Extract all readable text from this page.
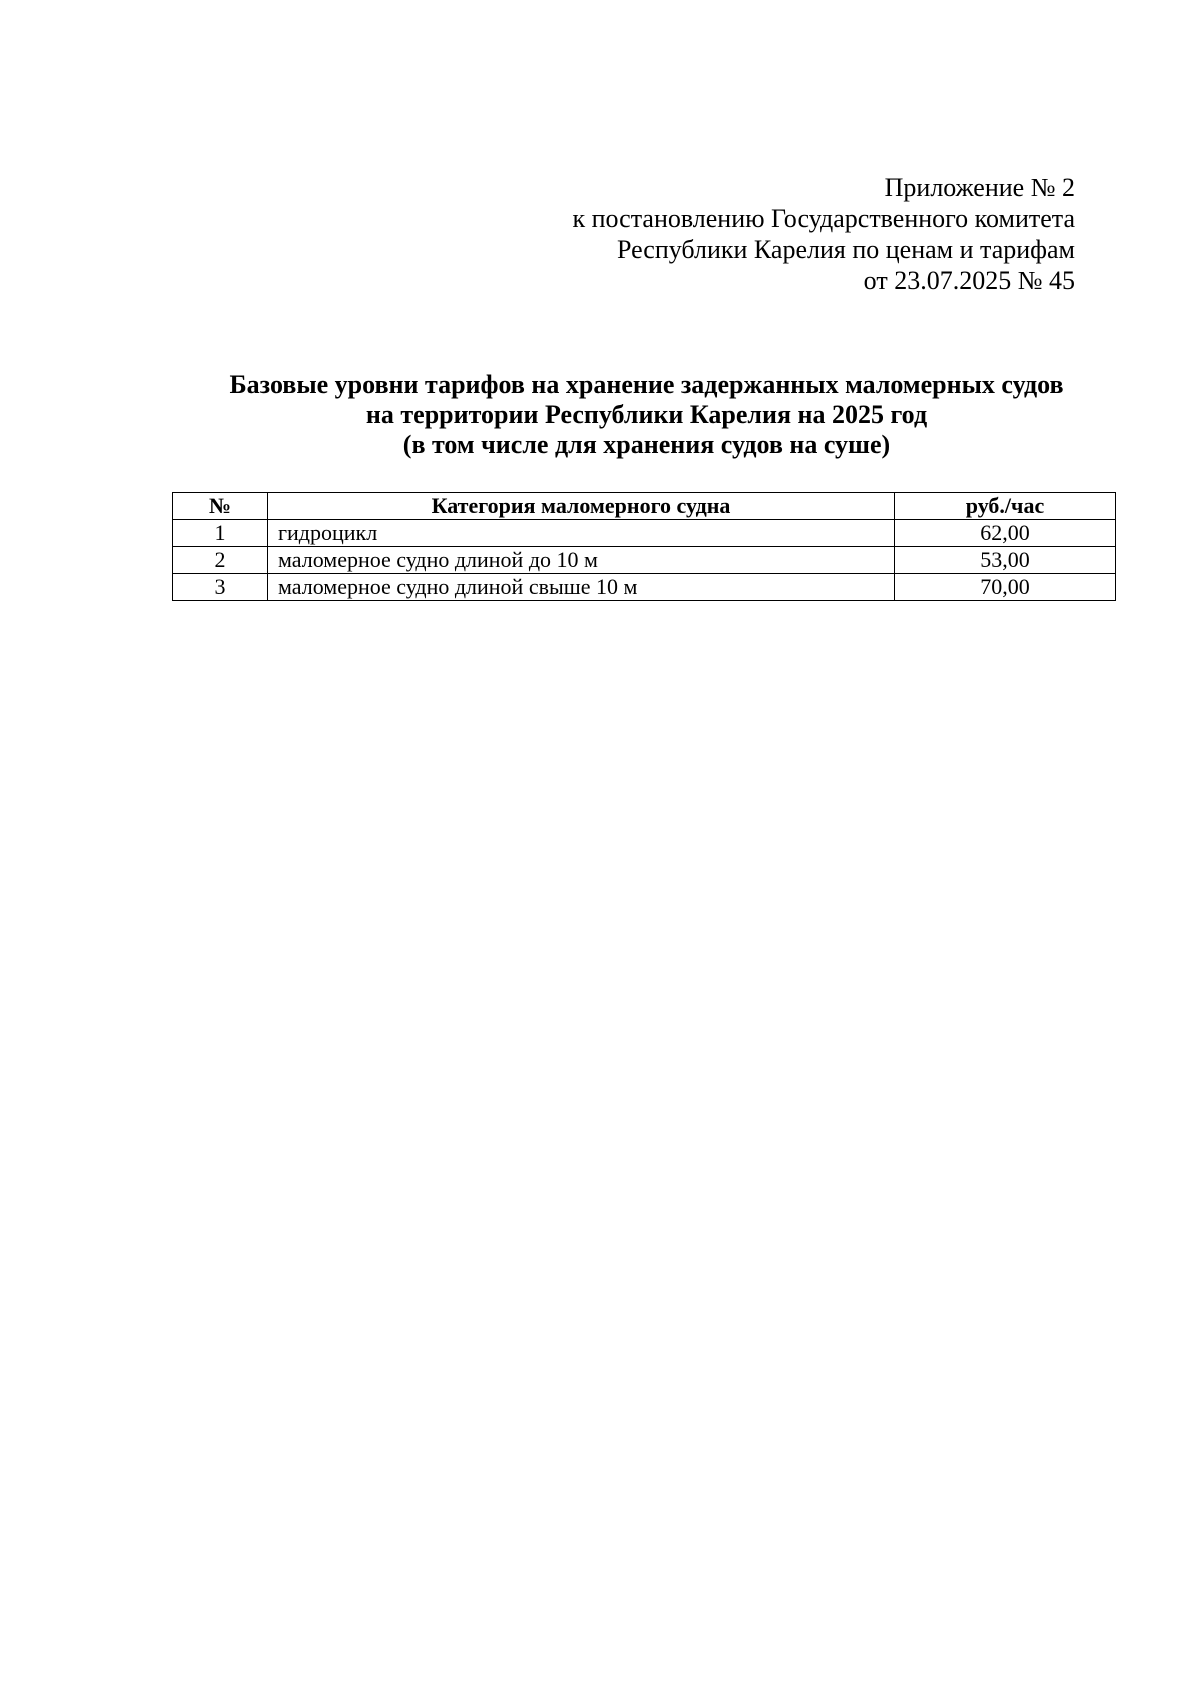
Приложение № 2
к постановлению Государственного комитета
Республики Карелия по ценам и тарифам
от 23.07.2025 № 45
Базовые уровни тарифов на хранение задержанных маломерных судов
на территории Республики Карелия на 2025 год
(в том числе для хранения судов на суше)
№	Категория маломерного судна	руб./час
1	гидроцикл	62,00
2	маломерное судно длиной до 10 м	53,00
3	маломерное судно длиной свыше 10 м	70,00
